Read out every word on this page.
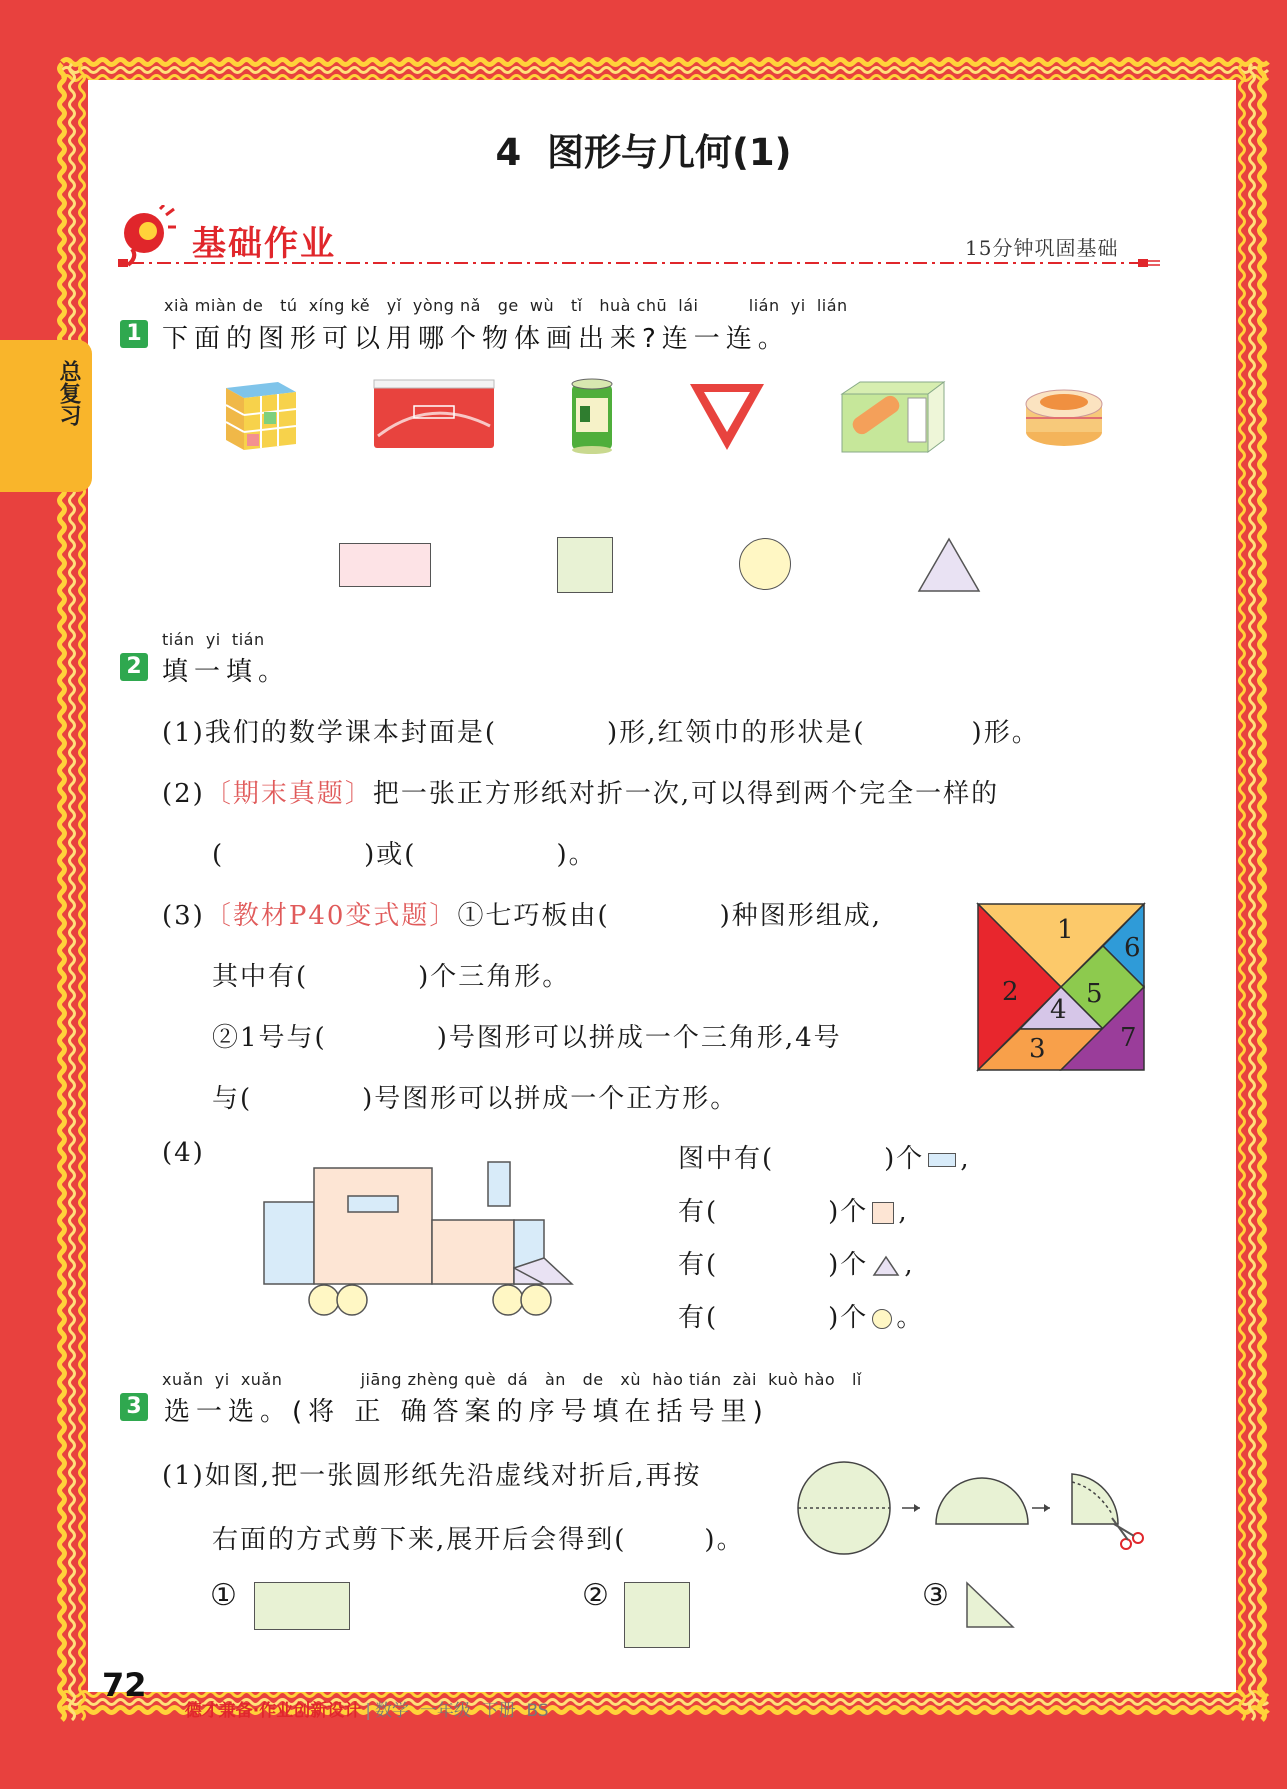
总复习
4  图形与几何(1)
基础作业	15分钟巩固基础
xià miàn de   tú  xíng kě   yǐ  yòng nǎ   ge  wù   tǐ   huà chū  lái         lián  yi  lián
1 下面的图形可以用哪个物体画出来?连一连。
tián  yi  tián
2 填一填。
(1)我们的数学课本封面是(	)形,红领巾的形状是(	)形。
(2)〔期末真题〕把一张正方形纸对折一次,可以得到两个完全一样的
(	)或(	)。
(3)〔教材P40变式题〕①七巧板由(	)种图形组成,
其中有(	)个三角形。
②1号与(	)号图形可以拼成一个三角形,4号
与(	)号图形可以拼成一个正方形。
1
2
3
4
5
6
7
(4)	图中有(	)个 ,
有(	)个 ,
有(	)个 ,
有(	)个 。
xuǎn  yi  xuǎn              jiāng zhèng què  dá   àn   de   xù  hào tián  zài  kuò hào   lǐ
3 选一选。(将 正 确答案的序号填在括号里)
(1)如图,把一张圆形纸先沿虚线对折后,再按
右面的方式剪下来,展开后会得到(	)。
①	②	③
72

德才兼备·作业创新设计 | 数学  一年级  下册  BS
